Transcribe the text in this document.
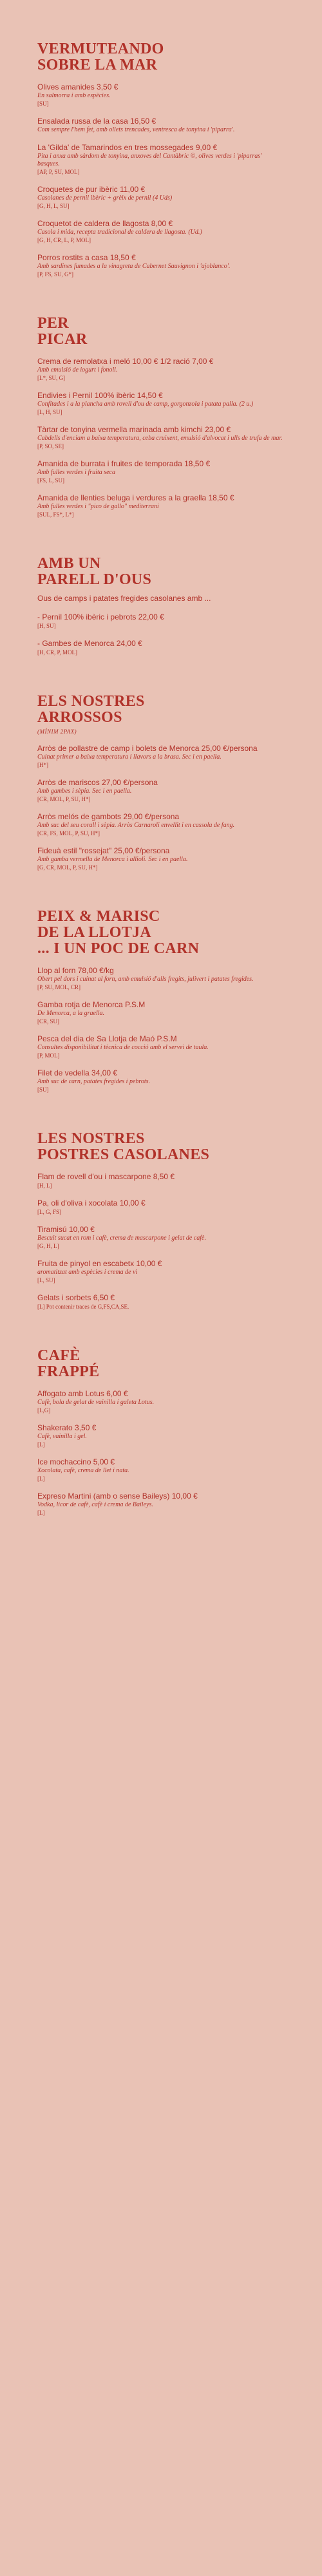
VERMUTEANDO
SOBRE LA MAR
Olives amanides 3,50 €
En salmorra i amb espècies.
[SU]
Ensalada russa de la casa 16,50 €
Com sempre l'hem fet, amb ollets trencades, ventresca de tonyina i 'piparra'.
La 'Gilda' de Tamarindos en tres mossegades 9,00 €
Pita i anxa amb sàrdom de tonyina, anxoves del Cantàbric ©, olives verdes i 'piparras' basques.
[AP, P, SU, MOL]
Croquetes de pur ibèric 11,00 €
Casolanes de pernil ibèric + grèix de pernil (4 Uds)
[G, H, L, SU]
Croquetot de caldera de llagosta 8,00 €
Casola i mida, recepta tradicional de caldera de llagosta. (Ud.)
[G, H, CR, L, P, MOL]
Porros rostits a casa 18,50 €
Amb sardines fumades a la vinagreta de Cabernet Sauvignon i 'ajoblanco'.
[P, FS, SU, G*]
PER
PICAR
Crema de remolatxa i meló 10,00 € 1/2 ració 7,00 €
Amb emulsió de iogurt i fonoll.
[L*, SU, G]
Endivies i Pernil 100% ibèric 14,50 €
Confitades i a la plancha amb rovell d'ou de camp, gorgonzola i patata palla. (2 u.)
[L, H, SU]
Tàrtar de tonyina vermella marinada amb kimchi 23,00 €
Cabdells d'enciam a baixa temperatura, ceba cruixent, emulsió d'alvocat i ulls de trufa de mar.
[P, SO, SE]
Amanida de burrata i fruites de temporada 18,50 €
Amb fulles verdes i fruita seca
[FS, L, SU]
Amanida de llenties beluga i verdures a la graella 18,50 €
Amb fulles verdes i "pico de gallo" mediterrani
[SUL, FS*, L*]
AMB UN
PARELL D'OUS
Ous de camps i patates fregides casolanes amb ...
- Pernil 100% ibèric i pebrots 22,00 €
[H, SU]
- Gambes de Menorca 24,00 €
[H, CR, P, MOL]
ELS NOSTRES
ARROSSOS
(MÍNIM 2PAX)
Arròs de pollastre de camp i bolets de Menorca 25,00 €/persona
Cuinat primer a baixa temperatura i llavors a la brasa. Sec i en paella.
[H*]
Arròs de mariscos 27,00 €/persona
Amb gambes i sèpia. Sec i en paella.
[CR, MOL, P, SU, H*]
Arròs melós de gambots 29,00 €/persona
Amb suc del seu corall i sèpia. Arròs Carnaroli envellit i en cassola de fang.
[CR, FS, MOL, P, SU, H*]
Fideuà estil "rossejat" 25,00 €/persona
Amb gamba vermella de Menorca i allioli. Sec i en paella.
[G, CR, MOL, P, SU, H*]
PEIX & MARISC
DE LA LLOTJA
... I UN POC DE CARN
Llop al forn 78,00 €/kg
Obert pel dors i cuinat al forn, amb emulsió d'alls fregits, julivert i patates fregides.
[P, SU, MOL, CR]
Gamba rotja de Menorca P.S.M
De Menorca, a la graella.
[CR, SU]
Pesca del dia de Sa Llotja de Maó P.S.M
Consultes disponibilitat i tècnica de cocció amb el servei de taula.
[P, MOL]
Filet de vedella 34,00 €
Amb suc de carn, patates fregides i pebrots.
[SU]
LES NOSTRES
POSTRES CASOLANES
Flam de rovell d'ou i mascarpone 8,50 €
[H, L]
Pa, oli d'oliva i xocolata 10,00 €
[L, G, FS]
Tiramisú 10,00 €
Bescuit sucat en rom i cafè, crema de mascarpone i gelat de cafè.
[G, H, L]
Fruita de pinyol en escabetx 10,00 €
aromatitzat amb espècies i crema de vi
[L, SU]
Gelats i sorbets 6,50 €
[L] Pot contenir traces de G,FS,CA,SE.
CAFÈ
FRAPPÉ
Affogato amb Lotus 6,00 €
Cafè, bola de gelat de vainilla i galeta Lotus.
[L,G]
Shakerato 3,50 €
Cafè, vainilla i gel.
[L]
Ice mochaccino 5,00 €
Xocolata, cafè, crema de llet i nata.
[L]
Expreso Martini (amb o sense Baileys) 10,00 €
Vodka, licor de cafè, cafè i crema de Baileys.
[L]
